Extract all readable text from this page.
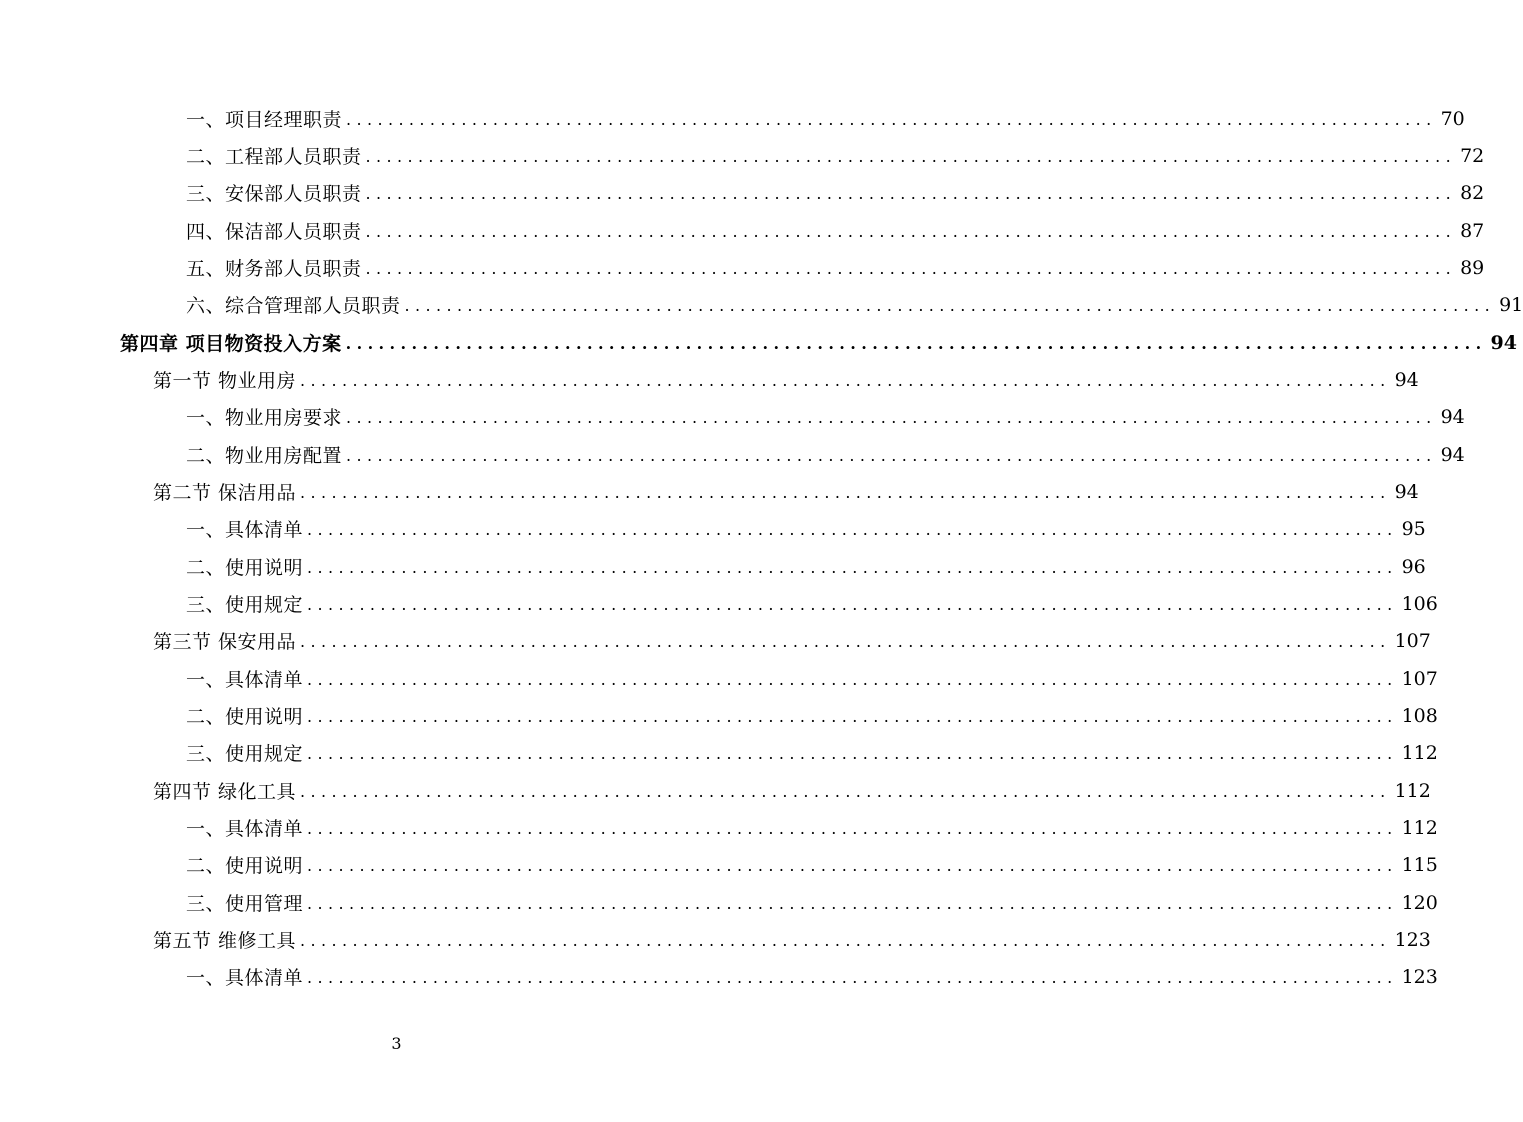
一、项目经理职责 ........................................................................................................ 70
二、工程部人员职责 ........................................................................................................ 72
三、安保部人员职责 ........................................................................................................ 82
四、保洁部人员职责 ........................................................................................................ 87
五、财务部人员职责 ........................................................................................................ 89
六、综合管理部人员职责 ........................................................................................................ 91
第四章 项目物资投入方案 ........................................................................................................ 94
第一节 物业用房 ........................................................................................................ 94
一、物业用房要求 ........................................................................................................ 94
二、物业用房配置 ........................................................................................................ 94
第二节 保洁用品 ........................................................................................................ 94
一、具体清单 ........................................................................................................ 95
二、使用说明 ........................................................................................................ 96
三、使用规定 ........................................................................................................ 106
第三节 保安用品 ........................................................................................................ 107
一、具体清单 ........................................................................................................ 107
二、使用说明 ........................................................................................................ 108
三、使用规定 ........................................................................................................ 112
第四节 绿化工具 ........................................................................................................ 112
一、具体清单 ........................................................................................................ 112
二、使用说明 ........................................................................................................ 115
三、使用管理 ........................................................................................................ 120
第五节 维修工具 ........................................................................................................ 123
一、具体清单 ........................................................................................................ 123
3
